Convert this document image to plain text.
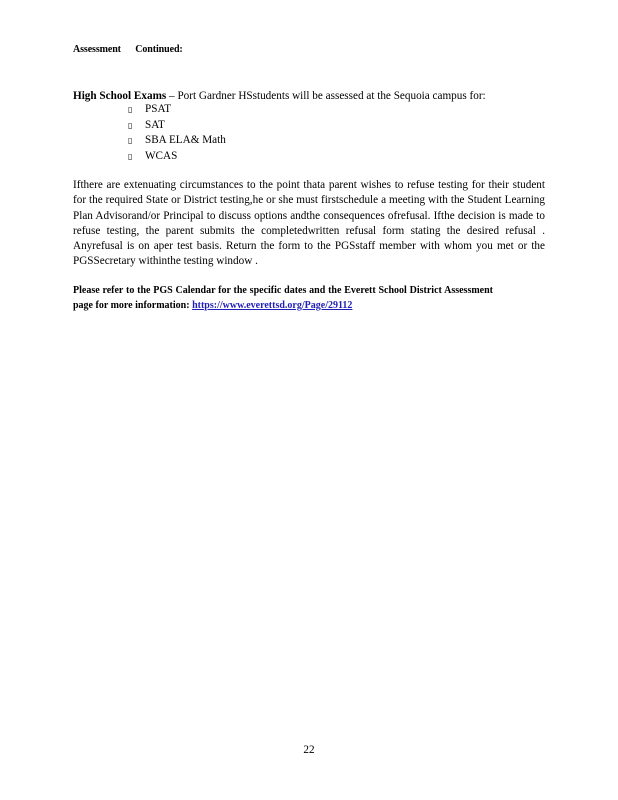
Assessment      Continued:
High School Exams – Port Gardner HSstudents will be assessed at the Sequoia campus for:
▯ PSAT
▯ SAT
▯ SBA ELA& Math
▯ WCAS
Ifthere are extenuating circumstances to the point thata parent wishes to refuse testing for their student for the required State or District testing,he or she must firstschedule a meeting with the Student Learning Plan Advisorand/or Principal to discuss options andthe consequences ofrefusal. Ifthe decision is made to refuse testing, the parent submits the completedwritten refusal form stating the desired refusal . Anyrefusal is on aper test basis. Return the form to the PGSstaff member with whom you met or the PGSSecretary withinthe testing window .
Please refer to the PGS Calendar for the specific dates and the Everett School District Assessment page for more information: https://www.everettsd.org/Page/29112
22
